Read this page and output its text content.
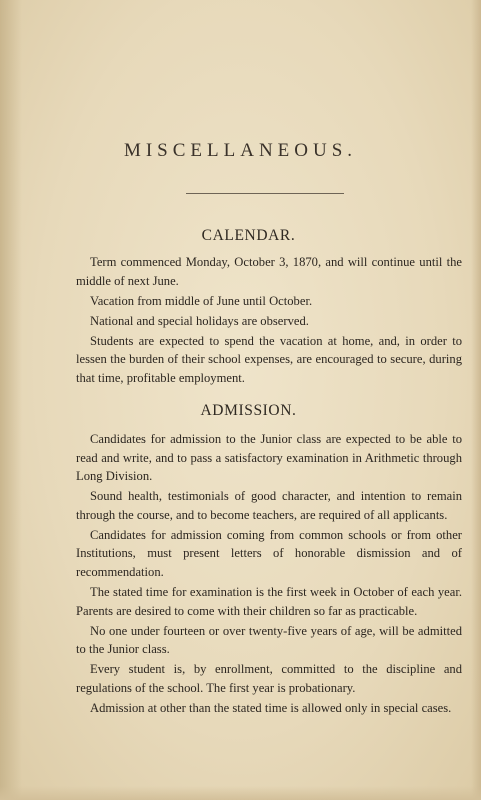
MISCELLANEOUS.
CALENDAR.

Term commenced Monday, October 3, 1870, and will continue until the middle of next June.

Vacation from middle of June until October.

National and special holidays are observed.

Students are expected to spend the vacation at home, and, in order to lessen the burden of their school expenses, are encouraged to secure, during that time, profitable employment.

ADMISSION.

Candidates for admission to the Junior class are expected to be able to read and write, and to pass a satisfactory examination in Arithmetic through Long Division.

Sound health, testimonials of good character, and intention to remain through the course, and to become teachers, are required of all applicants.

Candidates for admission coming from common schools or from other Institutions, must present letters of honorable dismission and of recommendation.

The stated time for examination is the first week in October of each year. Parents are desired to come with their children so far as practicable.

No one under fourteen or over twenty-five years of age, will be admitted to the Junior class.

Every student is, by enrollment, committed to the discipline and regulations of the school. The first year is probationary.

Admission at other than the stated time is allowed only in special cases.
